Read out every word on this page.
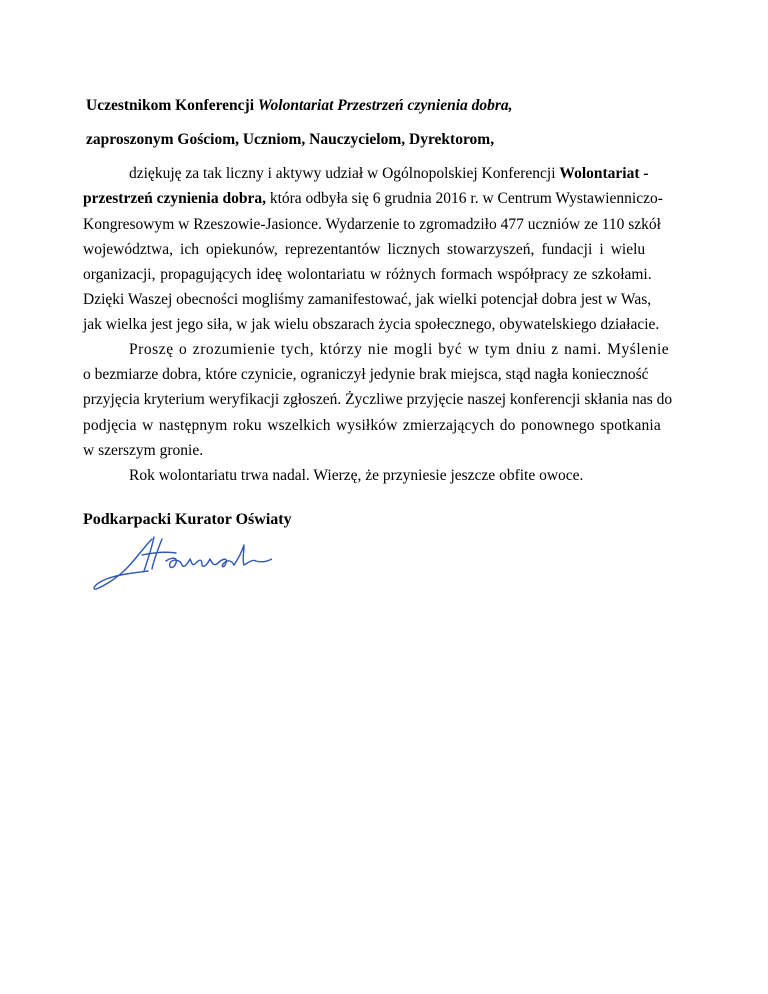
Uczestnikom Konferencji Wolontariat Przestrzeń czynienia dobra,
zaproszonym Gościom, Uczniom, Nauczycielom, Dyrektorom,
dziękuję za tak liczny i aktywy udział w Ogólnopolskiej Konferencji Wolontariat -
przestrzeń czynienia dobra, która odbyła się 6 grudnia 2016 r. w Centrum Wystawienniczo-
Kongresowym w Rzeszowie-Jasionce. Wydarzenie to zgromadziło 477 uczniów ze 110 szkół
województwa, ich opiekunów, reprezentantów licznych stowarzyszeń, fundacji i wielu
organizacji, propagujących ideę wolontariatu w różnych formach współpracy ze szkołami.
Dzięki Waszej obecności mogliśmy zamanifestować, jak wielki potencjał dobra jest w Was,
jak wielka jest jego siła, w jak wielu obszarach życia społecznego, obywatelskiego działacie.
Proszę o zrozumienie tych, którzy nie mogli być w tym dniu z nami. Myślenie
o bezmiarze dobra, które czynicie, ograniczył jedynie brak miejsca, stąd nagła konieczność
przyjęcia kryterium weryfikacji zgłoszeń. Życzliwe przyjęcie naszej konferencji skłania nas do
podjęcia w następnym roku wszelkich wysiłków zmierzających do ponownego spotkania
w szerszym gronie.
Rok wolontariatu trwa nadal. Wierzę, że przyniesie jeszcze obfite owoce.
Podkarpacki Kurator Oświaty
